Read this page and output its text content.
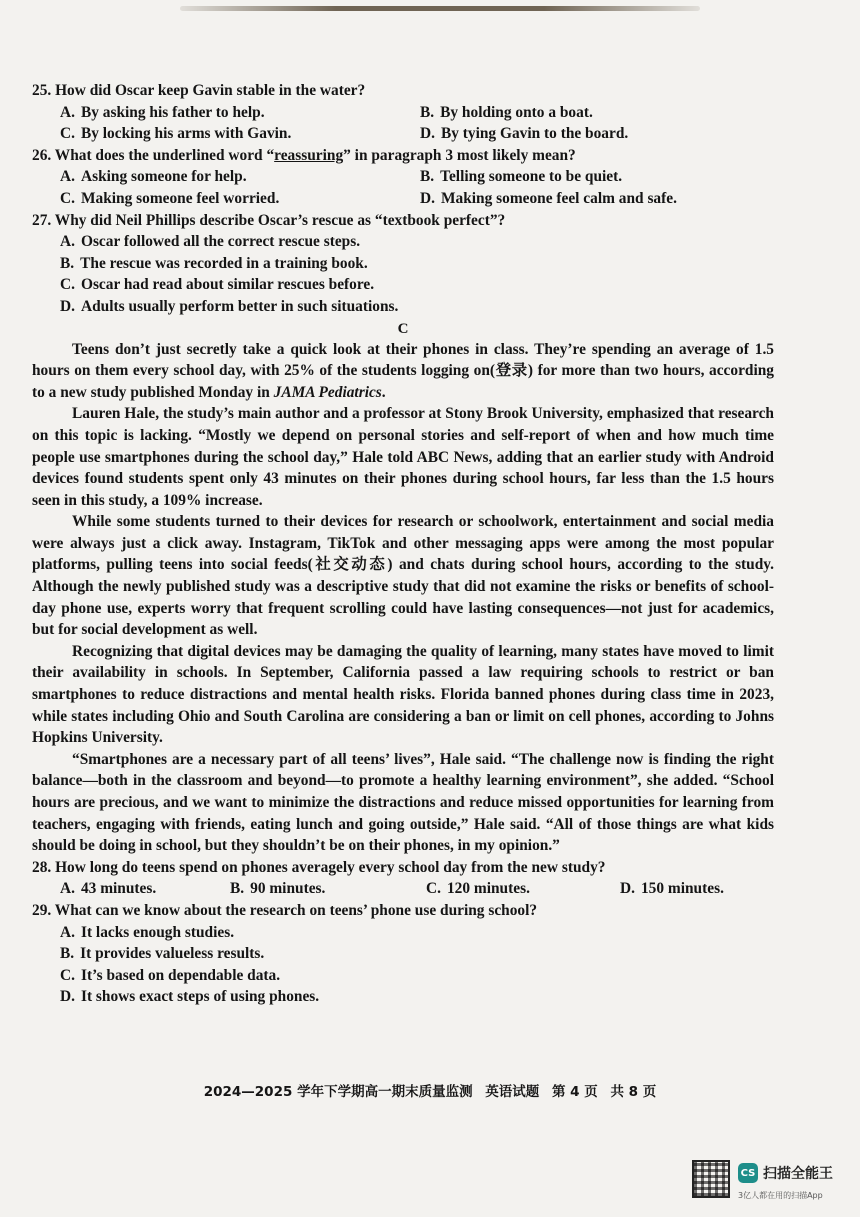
25. How did Oscar keep Gavin stable in the water?
A. By asking his father to help.	B. By holding onto a boat.
C. By locking his arms with Gavin.	D. By tying Gavin to the board.
26. What does the underlined word “reassuring” in paragraph 3 most likely mean?
A. Asking someone for help.	B. Telling someone to be quiet.
C. Making someone feel worried.	D. Making someone feel calm and safe.
27. Why did Neil Phillips describe Oscar’s rescue as “textbook perfect”?
A. Oscar followed all the correct rescue steps.
B. The rescue was recorded in a training book.
C. Oscar had read about similar rescues before.
D. Adults usually perform better in such situations.
C

Teens don’t just secretly take a quick look at their phones in class. They’re spending an average of 1.5 hours on them every school day, with 25% of the students logging on(登录) for more than two hours, according to a new study published Monday in JAMA Pediatrics.

Lauren Hale, the study’s main author and a professor at Stony Brook University, emphasized that research on this topic is lacking. “Mostly we depend on personal stories and self-report of when and how much time people use smartphones during the school day,” Hale told ABC News, adding that an earlier study with Android devices found students spent only 43 minutes on their phones during school hours, far less than the 1.5 hours seen in this study, a 109% increase.

While some students turned to their devices for research or schoolwork, entertainment and social media were always just a click away. Instagram, TikTok and other messaging apps were among the most popular platforms, pulling teens into social feeds(社交动态) and chats during school hours, according to the study. Although the newly published study was a descriptive study that did not examine the risks or benefits of school-day phone use, experts worry that frequent scrolling could have lasting consequences—not just for academics, but for social development as well.

Recognizing that digital devices may be damaging the quality of learning, many states have moved to limit their availability in schools. In September, California passed a law requiring schools to restrict or ban smartphones to reduce distractions and mental health risks. Florida banned phones during class time in 2023, while states including Ohio and South Carolina are considering a ban or limit on cell phones, according to Johns Hopkins University.

“Smartphones are a necessary part of all teens’ lives”, Hale said. “The challenge now is finding the right balance—both in the classroom and beyond—to promote a healthy learning environment”, she added. “School hours are precious, and we want to minimize the distractions and reduce missed opportunities for learning from teachers, engaging with friends, eating lunch and going outside,” Hale said. “All of those things are what kids should be doing in school, but they shouldn’t be on their phones, in my opinion.”

28. How long do teens spend on phones averagely every school day from the new study?
A. 43 minutes.	B. 90 minutes.	C. 120 minutes.	D. 150 minutes.
29. What can we know about the research on teens’ phone use during school?
A. It lacks enough studies.
B. It provides valueless results.
C. It’s based on dependable data.
D. It shows exact steps of using phones.
2024—2025 学年下学期高一期末质量监测 英语试题 第 4 页 共 8 页
CS 扫描全能王
3亿人都在用的扫描App
